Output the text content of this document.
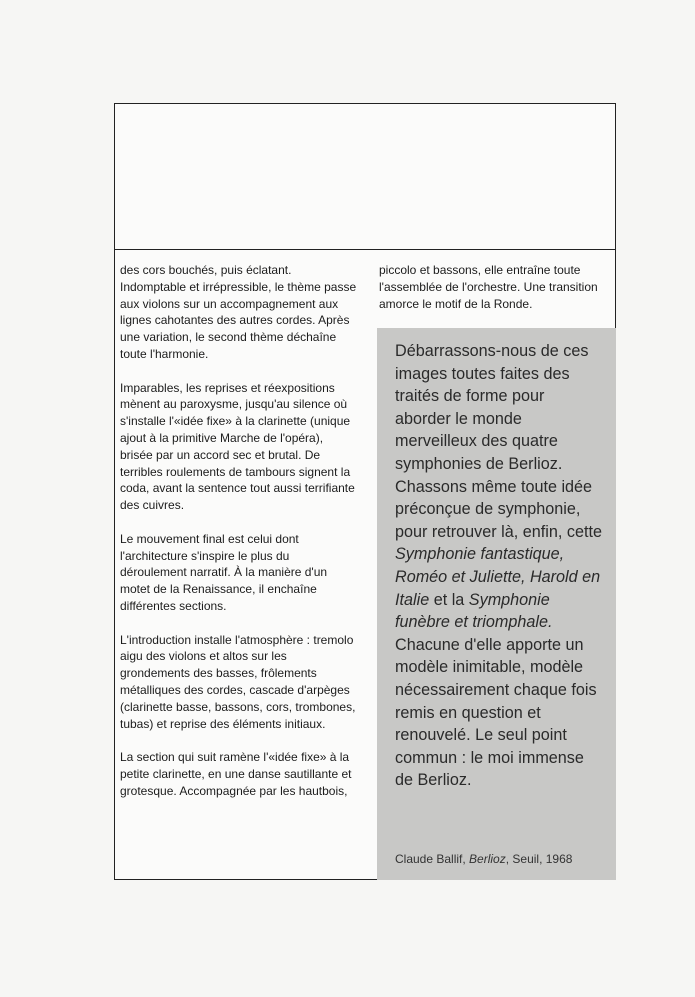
des cors bouchés, puis éclatant. Indomptable et irrépressible, le thème passe aux violons sur un accompagnement aux lignes cahotantes des autres cordes. Après une variation, le second thème déchaîne toute l'harmonie.

Imparables, les reprises et réexpositions mènent au paroxysme, jusqu'au silence où s'installe l'«idée fixe» à la clarinette (unique ajout à la primitive Marche de l'opéra), brisée par un accord sec et brutal. De terribles roulements de tambours signent la coda, avant la sentence tout aussi terrifiante des cuivres.

Le mouvement final est celui dont l'architecture s'inspire le plus du déroulement narratif. À la manière d'un motet de la Renaissance, il enchaîne différentes sections.

L'introduction installe l'atmosphère : tremolo aigu des violons et altos sur les grondements des basses, frôlements métalliques des cordes, cascade d'arpèges (clarinette basse, bassons, cors, trombones, tubas) et reprise des éléments initiaux.

La section qui suit ramène l'«idée fixe» à la petite clarinette, en une danse sautillante et grotesque. Accompagnée par les hautbois,

piccolo et bassons, elle entraîne toute l'assemblée de l'orchestre. Une transition amorce le motif de la Ronde.

Débarrassons-nous de ces images toutes faites des traités de forme pour aborder le monde merveilleux des quatre symphonies de Berlioz. Chassons même toute idée préconçue de symphonie, pour retrouver là, enfin, cette Symphonie fantastique, Roméo et Juliette, Harold en Italie et la Symphonie funèbre et triomphale. Chacune d'elle apporte un modèle inimitable, modèle nécessairement chaque fois remis en question et renouvelé. Le seul point commun : le moi immense de Berlioz.

Claude Ballif, Berlioz, Seuil, 1968
